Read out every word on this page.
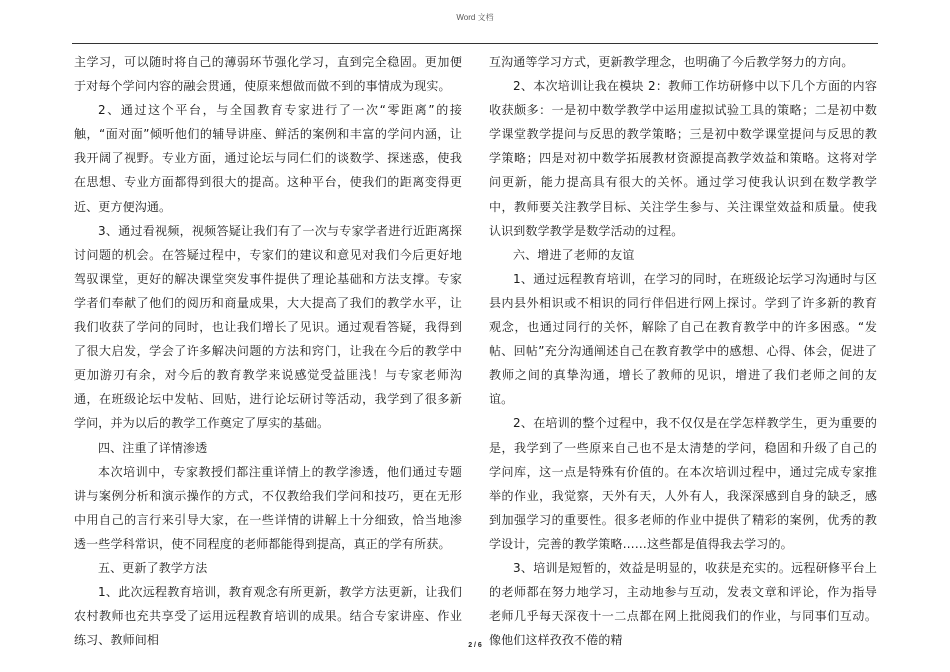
Word 文档

主学习，可以随时将自己的薄弱环节强化学习，直到完全稳固。更加便于对每个学问内容的融会贯通，使原来想做而做不到的事情成为现实。

2、通过这个平台，与全国教育专家进行了一次“零距离”的接触，“面对面”倾听他们的辅导讲座、鲜活的案例和丰富的学问内涵，让我开阔了视野。专业方面，通过论坛与同仁们的谈数学、探迷惑，使我在思想、专业方面都得到很大的提高。这种平台，使我们的距离变得更近、更方便沟通。

3、通过看视频，视频答疑让我们有了一次与专家学者进行近距离探讨问题的机会。在答疑过程中，专家们的建议和意见对我们今后更好地驾驭课堂，更好的解决课堂突发事件提供了理论基础和方法支撑。专家学者们奉献了他们的阅历和商量成果，大大提高了我们的教学水平，让我们收获了学问的同时，也让我们增长了见识。通过观看答疑，我得到了很大启发，学会了许多解决问题的方法和窍门，让我在今后的教学中更加游刃有余，对今后的教育教学来说感觉受益匪浅！与专家老师沟通，在班级论坛中发帖、回贴，进行论坛研讨等活动，我学到了很多新学问，并为以后的教学工作奠定了厚实的基础。

四、注重了详情渗透

本次培训中，专家教授们都注重详情上的教学渗透，他们通过专题讲与案例分析和演示操作的方式，不仅教给我们学问和技巧，更在无形中用自己的言行来引导大家，在一些详情的讲解上十分细致，恰当地渗透一些学科常识，使不同程度的老师都能得到提高，真正的学有所获。

五、更新了教学方法

1、此次远程教育培训，教育观念有所更新，教学方法更新，让我们农村教师也充共享受了运用远程教育培训的成果。结合专家讲座、作业练习、教师间相

互沟通等学习方式，更新教学理念，也明确了今后教学努力的方向。

2、本次培训让我在模块 2：教师工作坊研修中以下几个方面的内容收获颇多：一是初中数学教学中运用虚拟试验工具的策略；二是初中数学课堂教学提问与反思的教学策略；三是初中数学课堂提问与反思的教学策略；四是对初中数学拓展教材资源提高教学效益和策略。这将对学问更新，能力提高具有很大的关怀。通过学习使我认识到在数学教学中，教师要关注教学目标、关注学生参与、关注课堂效益和质量。使我认识到数学教学是数学活动的过程。

六、增进了老师的友谊

1、通过远程教育培训，在学习的同时，在班级论坛学习沟通时与区县内县外相识或不相识的同行伴侣进行网上探讨。学到了许多新的教育观念，也通过同行的关怀，解除了自己在教育教学中的许多困惑。“发帖、回帖”充分沟通阐述自己在教育教学中的感想、心得、体会，促进了教师之间的真挚沟通，增长了教师的见识，增进了我们老师之间的友谊。

2、在培训的整个过程中，我不仅仅是在学怎样教学生，更为重要的是，我学到了一些原来自己也不是太清楚的学问，稳固和升级了自己的学问库，这一点是特殊有价值的。在本次培训过程中，通过完成专家推举的作业，我觉察，天外有天，人外有人，我深深感到自身的缺乏，感到加强学习的重要性。很多老师的作业中提供了精彩的案例，优秀的教学设计，完善的教学策略……这些都是值得我去学习的。

3、培训是短暂的，效益是明显的，收获是充实的。远程研修平台上的老师都在努力地学习，主动地参与互动，发表文章和评论，作为指导老师几乎每天深夜十一二点都在网上批阅我们的作业，与同事们互动。像他们这样孜孜不倦的精

2 / 6
